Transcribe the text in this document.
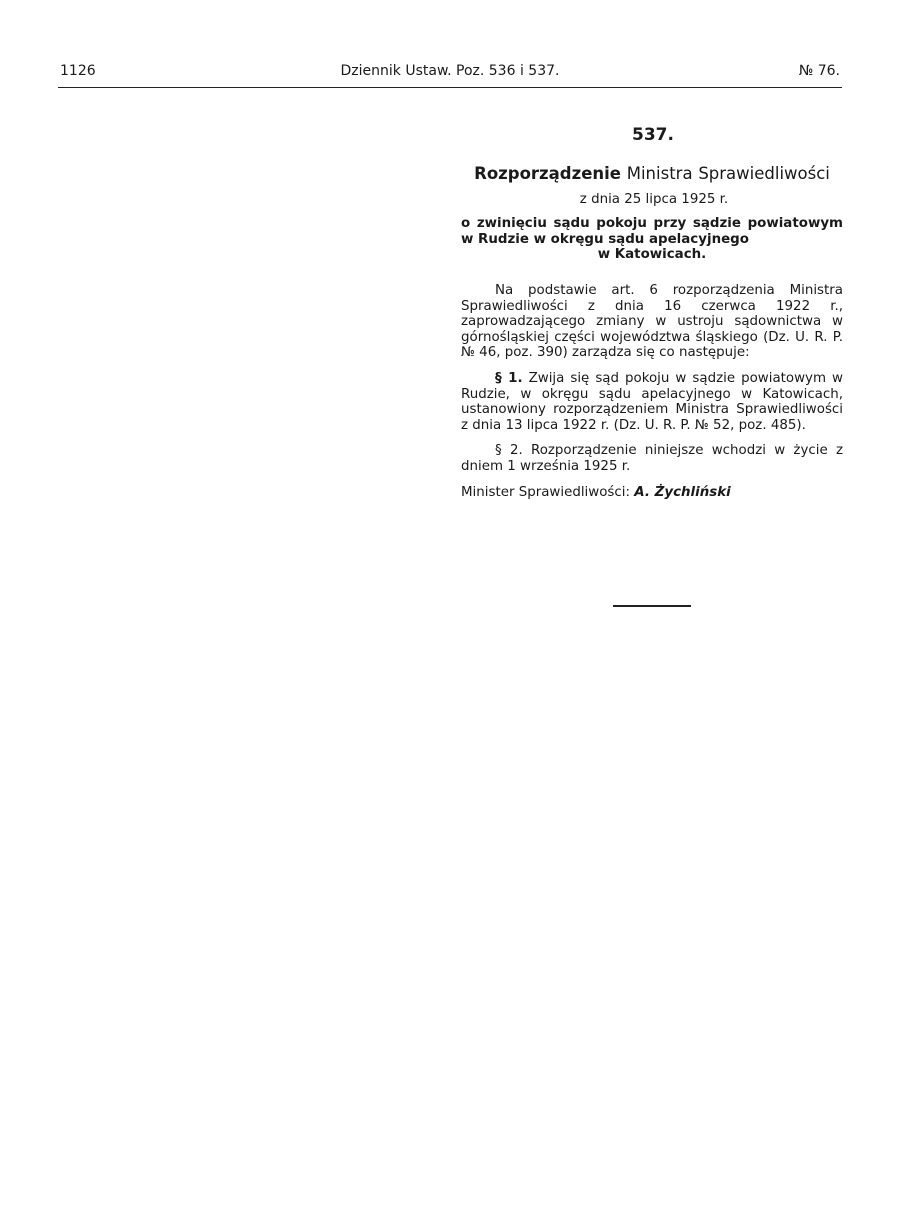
1126	Dziennik Ustaw. Poz. 536 i 537.	№ 76.
537.
Rozporządzenie Ministra Sprawiedliwości
z dnia 25 lipca 1925 r.
o zwinięciu sądu pokoju przy sądzie powiatowym w Rudzie w okręgu sądu apelacyjnego
w Katowicach.

Na podstawie art. 6 rozporządzenia Ministra Sprawiedliwości z dnia 16 czerwca 1922 r., zaprowadzającego zmiany w ustroju sądownictwa w górnośląskiej części województwa śląskiego (Dz. U. R. P. № 46, poz. 390) zarządza się co następuje:

§ 1. Zwija się sąd pokoju w sądzie powiatowym w Rudzie, w okręgu sądu apelacyjnego w Katowicach, ustanowiony rozporządzeniem Ministra Sprawiedliwości z dnia 13 lipca 1922 r. (Dz. U. R. P. № 52, poz. 485).

§ 2. Rozporządzenie niniejsze wchodzi w życie z dniem 1 września 1925 r.

Minister Sprawiedliwości: A. Żychliński
